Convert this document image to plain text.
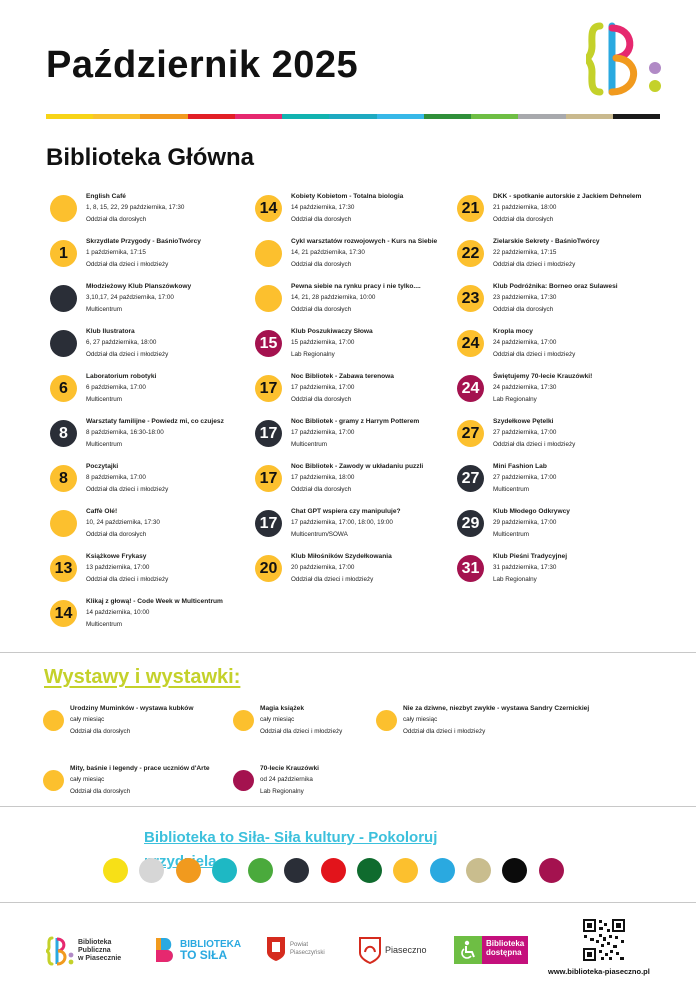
Październik 2025
Biblioteka Główna
English Café
1, 8, 15, 22, 29 października, 17:30
Oddział dla dorosłych
1
Skrzydlate Przygody - BaśnioTwórcy
1 października, 17:15
Oddział dla dzieci i młodzieży
Młodzieżowy Klub Planszówkowy
3,10,17, 24 października, 17:00
Multicentrum
Klub Ilustratora
6, 27 października, 18:00
Oddział dla dzieci i młodzieży
6
Laboratorium robotyki
6 października, 17:00
Multicentrum
8
Warsztaty familijne - Powiedz mi, co czujesz
8 października, 16:30-18:00
Multicentrum
8
Poczytajki
8 października, 17:00
Oddział dla dzieci i młodzieży
Caffè Olé!
10, 24 października, 17:30
Oddział dla dorosłych
13
Książkowe Frykasy
13 października, 17:00
Oddział dla dzieci i młodzieży
14
Klikaj z głową! - Code Week w Multicentrum
14 października, 10:00
Multicentrum
14
Kobiety Kobietom - Totalna biologia
14 października, 17:30
Oddział dla dorosłych
Cykl warsztatów rozwojowych - Kurs na Siebie
14, 21 października, 17:30
Oddział dla dorosłych
Pewna siebie na rynku pracy i nie tylko....
14, 21, 28 października, 10:00
Oddział dla dorosłych
15
Klub Poszukiwaczy Słowa
15 października, 17:00
Lab Regionalny
17
Noc Bibliotek - Zabawa terenowa
17 października, 17:00
Oddział dla dorosłych
17
Noc Bibliotek - gramy z Harrym Potterem
17 października, 17:00
Multicentrum
17
Noc Bibliotek - Zawody w układaniu puzzli
17 października, 18:00
Oddział dla dorosłych
17
Chat GPT wspiera czy manipuluje?
17 października, 17:00, 18:00, 19:00
Multicentrum/SOWA
20
Klub Miłośników Szydełkowania
20 października, 17:00
Oddział dla dzieci i młodzieży
21
DKK - spotkanie autorskie z Jackiem Dehnelem
21 października, 18:00
Oddział dla dorosłych
22
Zielarskie Sekrety - BaśnioTwórcy
22 października, 17:15
Oddział dla dzieci i młodzieży
23
Klub Podróżnika: Borneo oraz Sulawesi
23 października, 17:30
Oddział dla dorosłych
24
Kropla mocy
24 października, 17:00
Oddział dla dzieci i młodzieży
24
Świętujemy 70-lecie Krauzówki!
24 października, 17:30
Lab Regionalny
27
Szydełkowe Pętelki
27 października, 17:00
Oddział dla dzieci i młodzieży
27
Mini Fashion Lab
27 października, 17:00
Multicentrum
29
Klub Młodego Odkrywcy
29 października, 17:00
Multicentrum
31
Klub Pieśni Tradycyjnej
31 października, 17:30
Lab Regionalny
Wystawy i wystawki:
Urodziny Muminków - wystawa kubków
cały miesiąc
Oddział dla dorosłych
Magia książek
cały miesiąc
Oddział dla dzieci i młodzieży
Nie za dziwne, niezbyt zwykłe - wystawa Sandry Czernickiej
cały miesiąc
Oddział dla dzieci i młodzieży
Mity, baśnie i legendy - prace uczniów d'Arte
cały miesiąc
Oddział dla dorosłych
70-lecie Krauzówki
od 24 października
Lab Regionalny
Biblioteka to Siła- Siła kultury - Pokoloruj
Biblioteka
Publiczna
w Piasecznie
BIBLIOTEKA
TO SIŁA
Powiat
Piaseczyński	Piaseczno
Biblioteka
dostępna
www.biblioteka-piaseczno.pl
